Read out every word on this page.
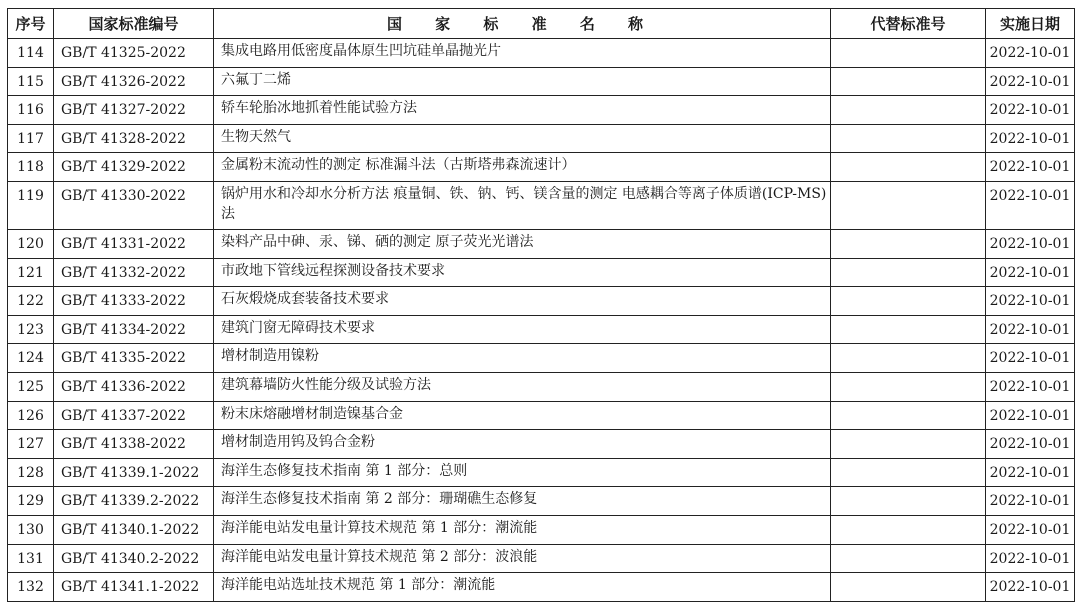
序号	国家标准编号	国 家 标 准 名 称	代替标准号	实施日期
114	GB/T 41325-2022	集成电路用低密度晶体原生凹坑硅单晶抛光片		2022-10-01
115	GB/T 41326-2022	六氟丁二烯		2022-10-01
116	GB/T 41327-2022	轿车轮胎冰地抓着性能试验方法		2022-10-01
117	GB/T 41328-2022	生物天然气		2022-10-01
118	GB/T 41329-2022	金属粉末流动性的测定 标准漏斗法（古斯塔弗森流速计）		2022-10-01
119	GB/T 41330-2022	锅炉用水和冷却水分析方法 痕量铜、铁、钠、钙、镁含量的测定 电感耦合等离子体质谱(ICP-MS)法		2022-10-01
120	GB/T 41331-2022	染料产品中砷、汞、锑、硒的测定 原子荧光光谱法		2022-10-01
121	GB/T 41332-2022	市政地下管线远程探测设备技术要求		2022-10-01
122	GB/T 41333-2022	石灰煅烧成套装备技术要求		2022-10-01
123	GB/T 41334-2022	建筑门窗无障碍技术要求		2022-10-01
124	GB/T 41335-2022	增材制造用镍粉		2022-10-01
125	GB/T 41336-2022	建筑幕墙防火性能分级及试验方法		2022-10-01
126	GB/T 41337-2022	粉末床熔融增材制造镍基合金		2022-10-01
127	GB/T 41338-2022	增材制造用钨及钨合金粉		2022-10-01
128	GB/T 41339.1-2022	海洋生态修复技术指南 第 1 部分：总则		2022-10-01
129	GB/T 41339.2-2022	海洋生态修复技术指南 第 2 部分：珊瑚礁生态修复		2022-10-01
130	GB/T 41340.1-2022	海洋能电站发电量计算技术规范 第 1 部分：潮流能		2022-10-01
131	GB/T 41340.2-2022	海洋能电站发电量计算技术规范 第 2 部分：波浪能		2022-10-01
132	GB/T 41341.1-2022	海洋能电站选址技术规范 第 1 部分：潮流能		2022-10-01
